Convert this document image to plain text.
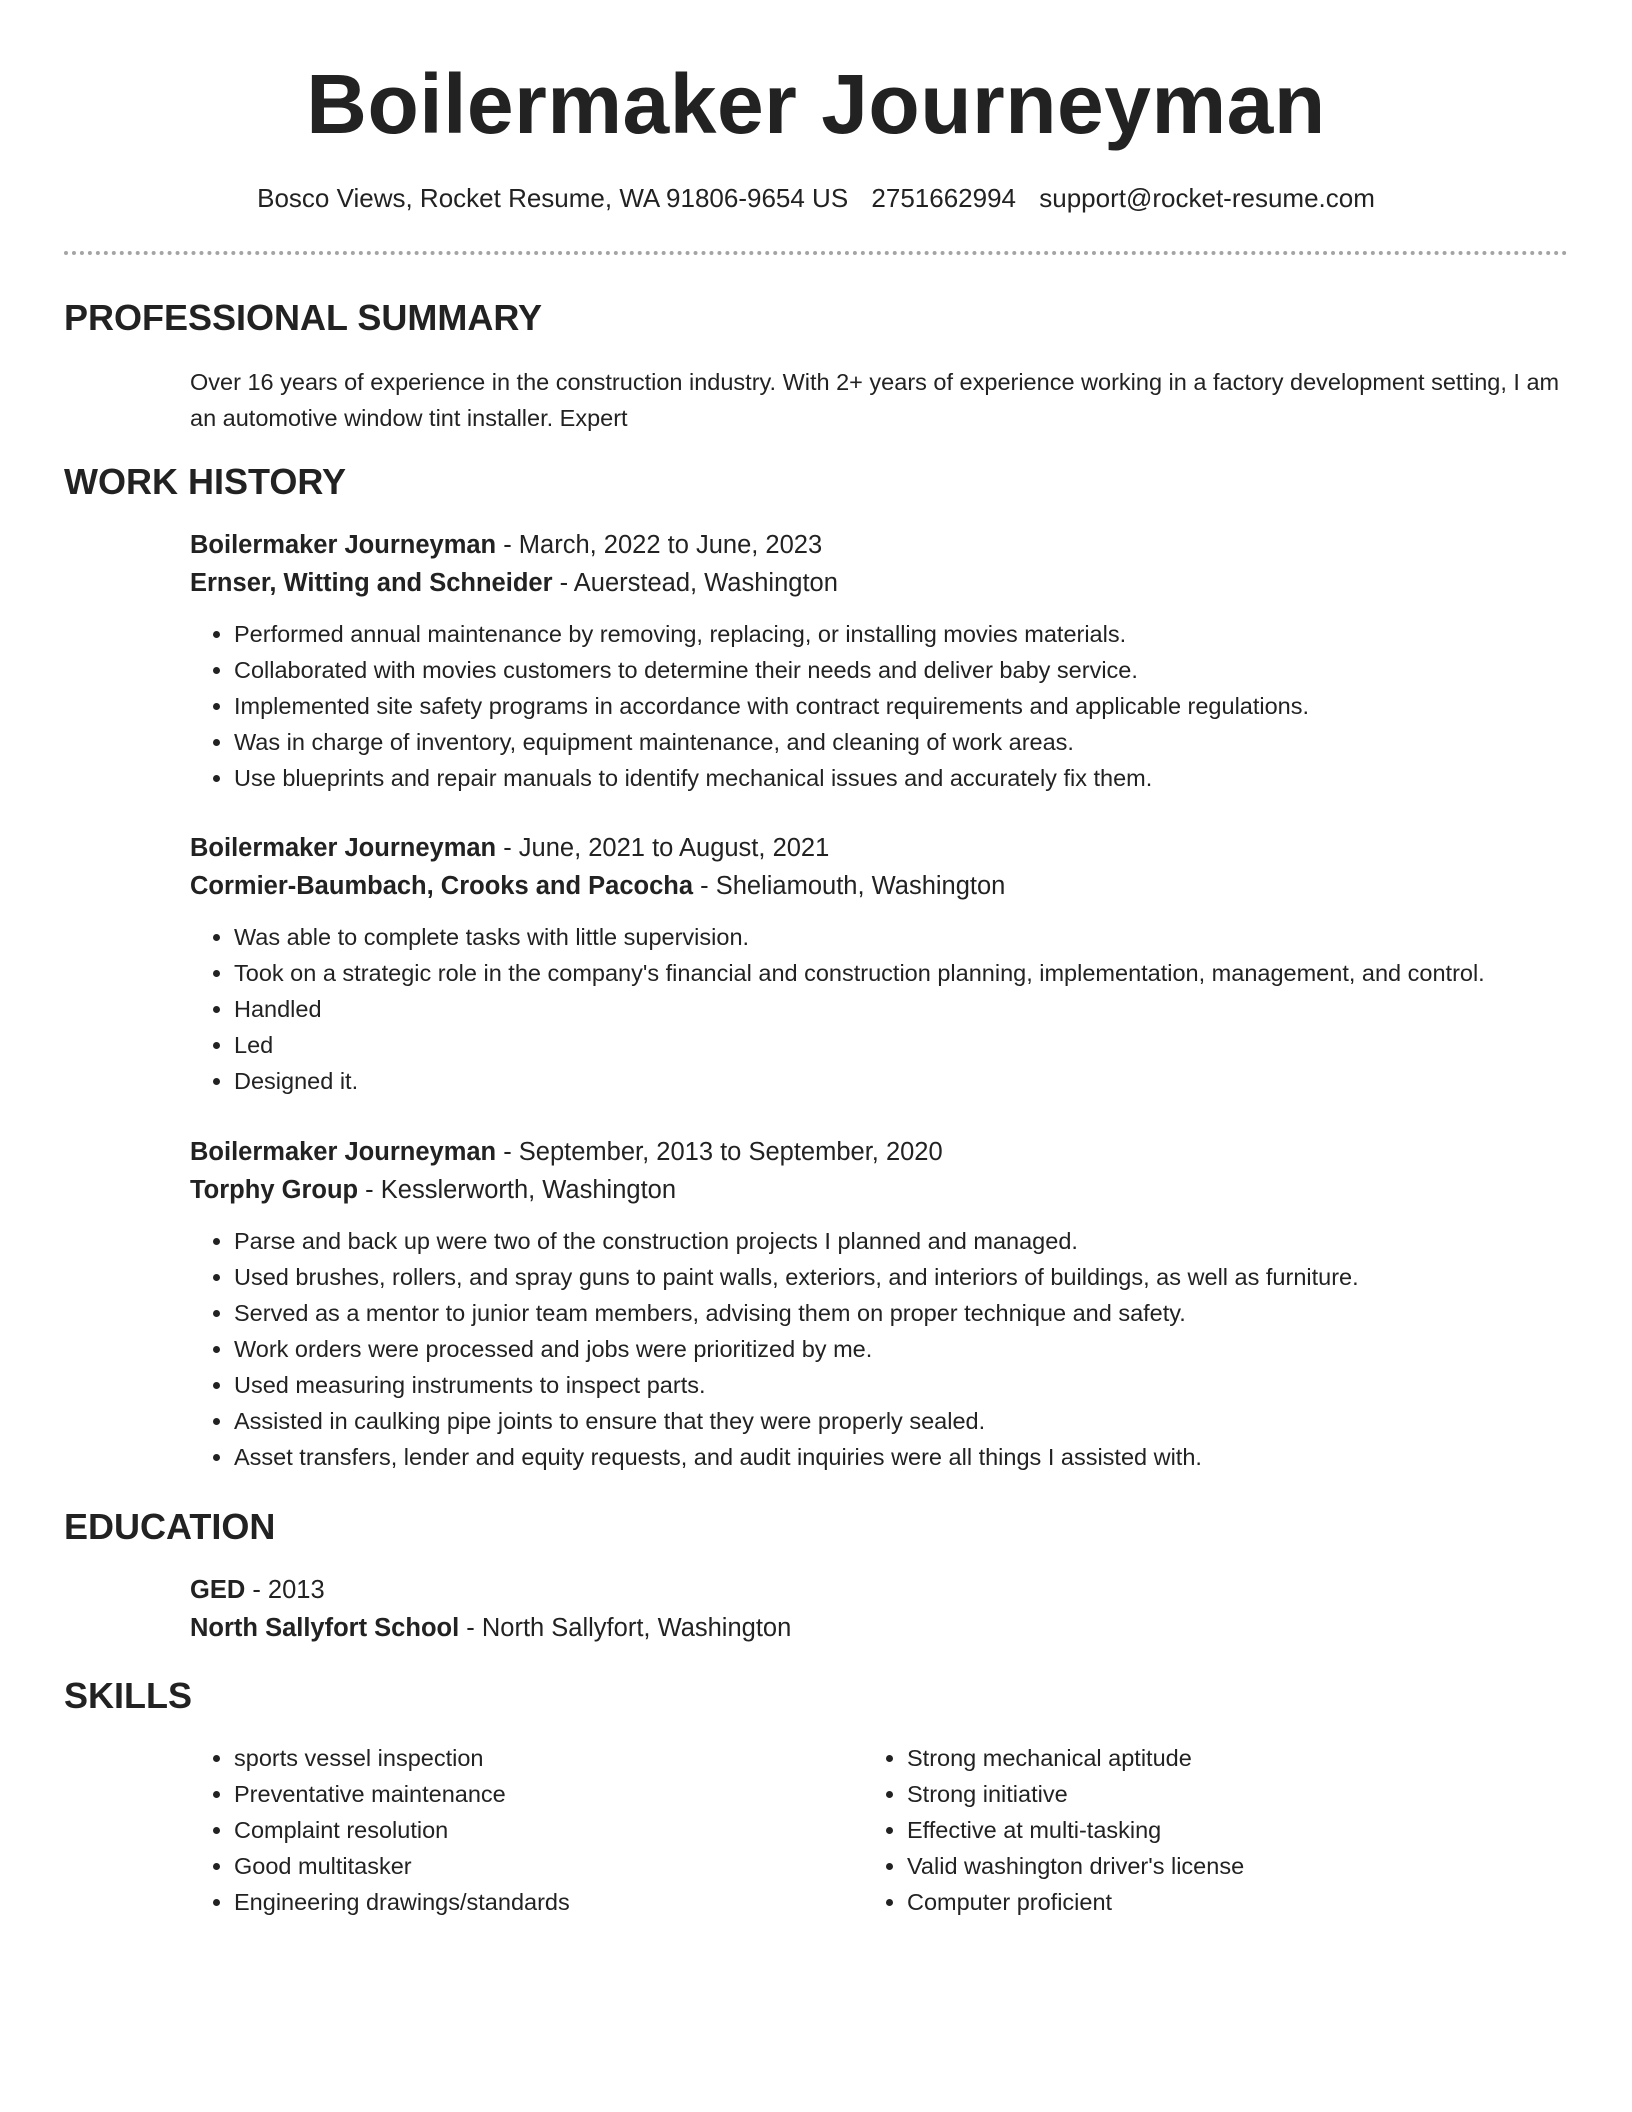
Boilermaker Journeyman
Bosco Views, Rocket Resume, WA 91806-9654 US 2751662994 support@rocket-resume.com
PROFESSIONAL SUMMARY
Over 16 years of experience in the construction industry. With 2+ years of experience working in a factory development setting, I am an automotive window tint installer. Expert
WORK HISTORY
Boilermaker Journeyman - March, 2022 to June, 2023
Ernser, Witting and Schneider - Auerstead, Washington
• Performed annual maintenance by removing, replacing, or installing movies materials.
• Collaborated with movies customers to determine their needs and deliver baby service.
• Implemented site safety programs in accordance with contract requirements and applicable regulations.
• Was in charge of inventory, equipment maintenance, and cleaning of work areas.
• Use blueprints and repair manuals to identify mechanical issues and accurately fix them.
Boilermaker Journeyman - June, 2021 to August, 2021
Cormier-Baumbach, Crooks and Pacocha - Sheliamouth, Washington
• Was able to complete tasks with little supervision.
• Took on a strategic role in the company's financial and construction planning, implementation, management, and control.
• Handled
• Led
• Designed it.
Boilermaker Journeyman - September, 2013 to September, 2020
Torphy Group - Kesslerworth, Washington
• Parse and back up were two of the construction projects I planned and managed.
• Used brushes, rollers, and spray guns to paint walls, exteriors, and interiors of buildings, as well as furniture.
• Served as a mentor to junior team members, advising them on proper technique and safety.
• Work orders were processed and jobs were prioritized by me.
• Used measuring instruments to inspect parts.
• Assisted in caulking pipe joints to ensure that they were properly sealed.
• Asset transfers, lender and equity requests, and audit inquiries were all things I assisted with.
EDUCATION
GED - 2013
North Sallyfort School - North Sallyfort, Washington
SKILLS
• sports vessel inspection
• Preventative maintenance
• Complaint resolution
• Good multitasker
• Engineering drawings/standards
• Strong mechanical aptitude
• Strong initiative
• Effective at multi-tasking
• Valid washington driver's license
• Computer proficient
